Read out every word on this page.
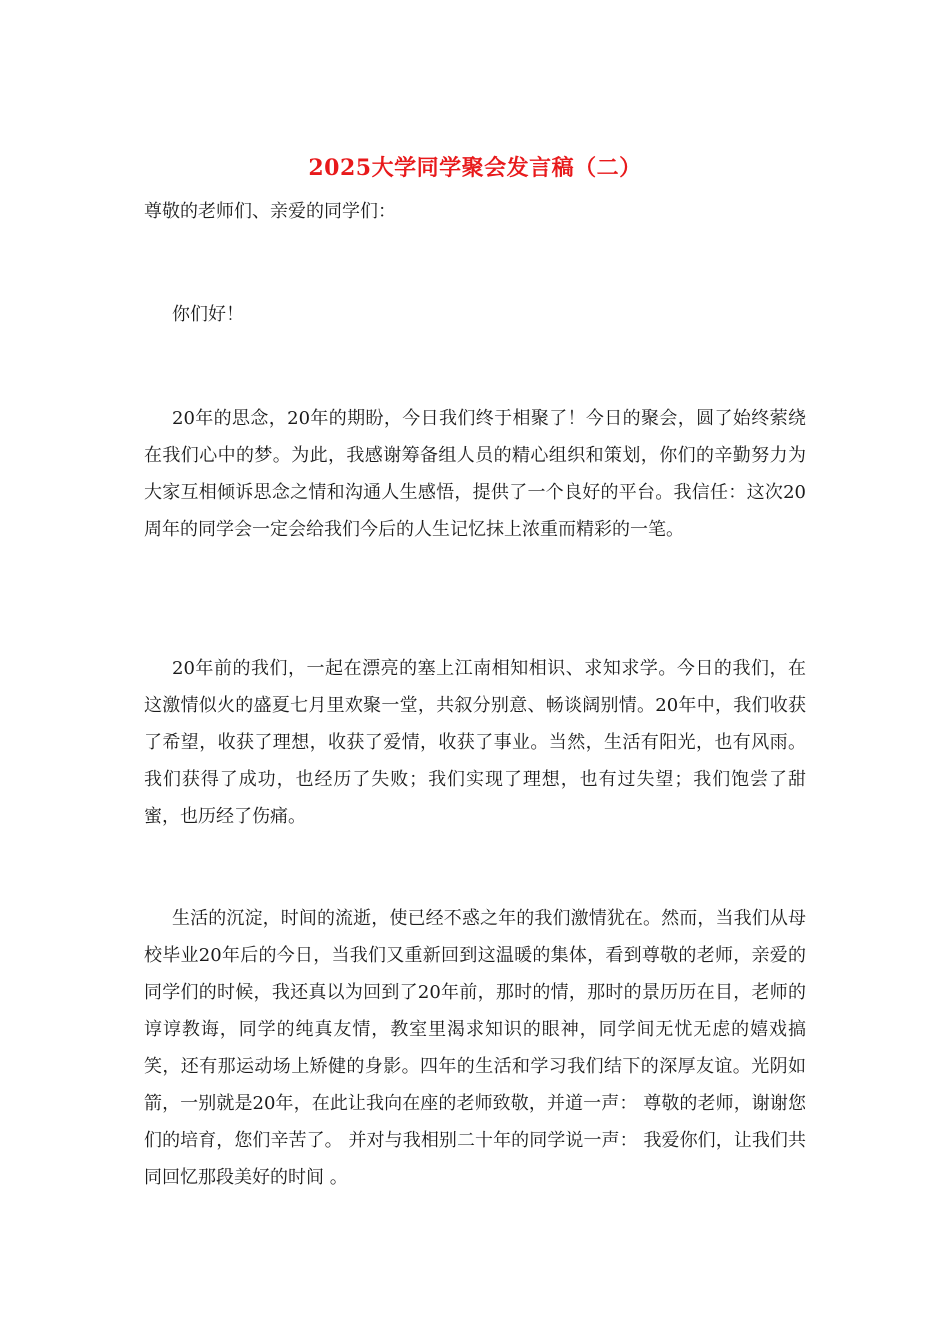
2025大学同学聚会发言稿（二）

尊敬的老师们、亲爱的同学们：

你们好！

20年的思念，20年的期盼，今日我们终于相聚了！今日的聚会，圆了始终萦绕在我们心中的梦。为此，我感谢筹备组人员的精心组织和策划，你们的辛勤努力为大家互相倾诉思念之情和沟通人生感悟，提供了一个良好的平台。我信任：这次20周年的同学会一定会给我们今后的人生记忆抹上浓重而精彩的一笔。

20年前的我们，一起在漂亮的塞上江南相知相识、求知求学。今日的我们，在这激情似火的盛夏七月里欢聚一堂，共叙分别意、畅谈阔别情。20年中，我们收获了希望，收获了理想，收获了爱情，收获了事业。当然，生活有阳光，也有风雨。我们获得了成功，也经历了失败；我们实现了理想，也有过失望；我们饱尝了甜蜜，也历经了伤痛。

生活的沉淀，时间的流逝，使已经不惑之年的我们激情犹在。然而，当我们从母校毕业20年后的今日，当我们又重新回到这温暖的集体，看到尊敬的老师，亲爱的同学们的时候，我还真以为回到了20年前，那时的情，那时的景历历在目，老师的谆谆教诲，同学的纯真友情，教室里渴求知识的眼神，同学间无忧无虑的嬉戏搞笑，还有那运动场上矫健的身影。四年的生活和学习我们结下的深厚友谊。光阴如箭，一别就是20年，在此让我向在座的老师致敬，并道一声： 尊敬的老师，谢谢您们的培育，您们辛苦了。 并对与我相别二十年的同学说一声： 我爱你们，让我们共同回忆那段美好的时间 。
